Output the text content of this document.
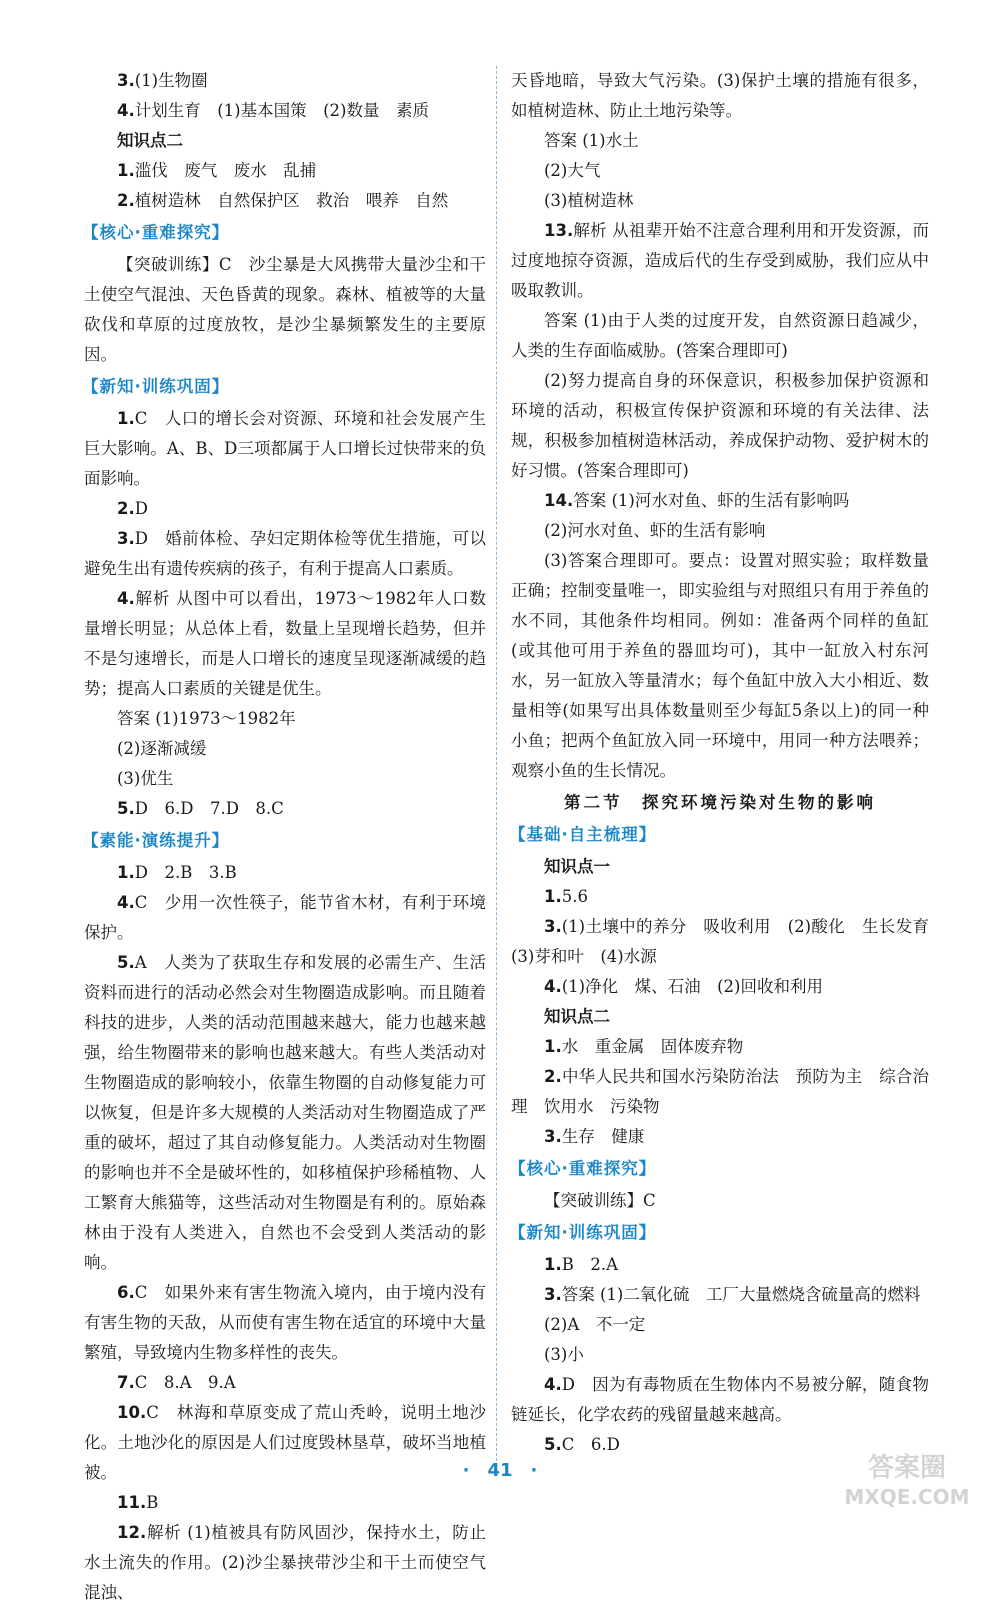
3.(1)生物圈
4.计划生育　(1)基本国策　(2)数量　素质
知识点二
1.滥伐　废气　废水　乱捕
2.植树造林　自然保护区　救治　喂养　自然
【核心·重难探究】
【突破训练】C　沙尘暴是大风携带大量沙尘和干土使空气混浊、天色昏黄的现象。森林、植被等的大量砍伐和草原的过度放牧，是沙尘暴频繁发生的主要原因。
【新知·训练巩固】
1.C　人口的增长会对资源、环境和社会发展产生巨大影响。A、B、D三项都属于人口增长过快带来的负面影响。
2.D
3.D　婚前体检、孕妇定期体检等优生措施，可以避免生出有遗传疾病的孩子，有利于提高人口素质。
4.解析 从图中可以看出，1973～1982年人口数量增长明显；从总体上看，数量上呈现增长趋势，但并不是匀速增长，而是人口增长的速度呈现逐渐减缓的趋势；提高人口素质的关键是优生。
答案 (1)1973～1982年
(2)逐渐减缓
(3)优生
5.D　6.D　7.D　8.C
【素能·演练提升】
1.D　2.B　3.B
4.C　少用一次性筷子，能节省木材，有利于环境保护。
5.A　人类为了获取生存和发展的必需生产、生活资料而进行的活动必然会对生物圈造成影响。而且随着科技的进步，人类的活动范围越来越大，能力也越来越强，给生物圈带来的影响也越来越大。有些人类活动对生物圈造成的影响较小，依靠生物圈的自动修复能力可以恢复，但是许多大规模的人类活动对生物圈造成了严重的破坏，超过了其自动修复能力。人类活动对生物圈的影响也并不全是破坏性的，如移植保护珍稀植物、人工繁育大熊猫等，这些活动对生物圈是有利的。原始森林由于没有人类进入，自然也不会受到人类活动的影响。
6.C　如果外来有害生物流入境内，由于境内没有有害生物的天敌，从而使有害生物在适宜的环境中大量繁殖，导致境内生物多样性的丧失。
7.C　8.A　9.A
10.C　林海和草原变成了荒山秃岭，说明土地沙化。土地沙化的原因是人们过度毁林垦草，破坏当地植被。
11.B
12.解析 (1)植被具有防风固沙，保持水土，防止水土流失的作用。(2)沙尘暴挟带沙尘和干土而使空气混浊、
天昏地暗，导致大气污染。(3)保护土壤的措施有很多，如植树造林、防止土地污染等。
答案 (1)水土
(2)大气
(3)植树造林
13.解析 从祖辈开始不注意合理利用和开发资源，而过度地掠夺资源，造成后代的生存受到威胁，我们应从中吸取教训。
答案 (1)由于人类的过度开发，自然资源日趋减少，人类的生存面临威胁。(答案合理即可)
(2)努力提高自身的环保意识，积极参加保护资源和环境的活动，积极宣传保护资源和环境的有关法律、法规，积极参加植树造林活动，养成保护动物、爱护树木的好习惯。(答案合理即可)
14.答案 (1)河水对鱼、虾的生活有影响吗
(2)河水对鱼、虾的生活有影响
(3)答案合理即可。要点：设置对照实验；取样数量正确；控制变量唯一，即实验组与对照组只有用于养鱼的水不同，其他条件均相同。例如：准备两个同样的鱼缸(或其他可用于养鱼的器皿均可)，其中一缸放入村东河水，另一缸放入等量清水；每个鱼缸中放入大小相近、数量相等(如果写出具体数量则至少每缸5条以上)的同一种小鱼；把两个鱼缸放入同一环境中，用同一种方法喂养；观察小鱼的生长情况。
第二节　探究环境污染对生物的影响
【基础·自主梳理】
知识点一
1.5.6
3.(1)土壤中的养分　吸收利用　(2)酸化　生长发育　(3)芽和叶　(4)水源
4.(1)净化　煤、石油　(2)回收和利用
知识点二
1.水　重金属　固体废弃物
2.中华人民共和国水污染防治法　预防为主　综合治理　饮用水　污染物
3.生存　健康
【核心·重难探究】
【突破训练】C
【新知·训练巩固】
1.B　2.A
3.答案 (1)二氧化硫　工厂大量燃烧含硫量高的燃料
(2)A　不一定
(3)小
4.D　因为有毒物质在生物体内不易被分解，随食物链延长，化学农药的残留量越来越高。
5.C　6.D
·　41　·	答案圈
MXQE.COM
